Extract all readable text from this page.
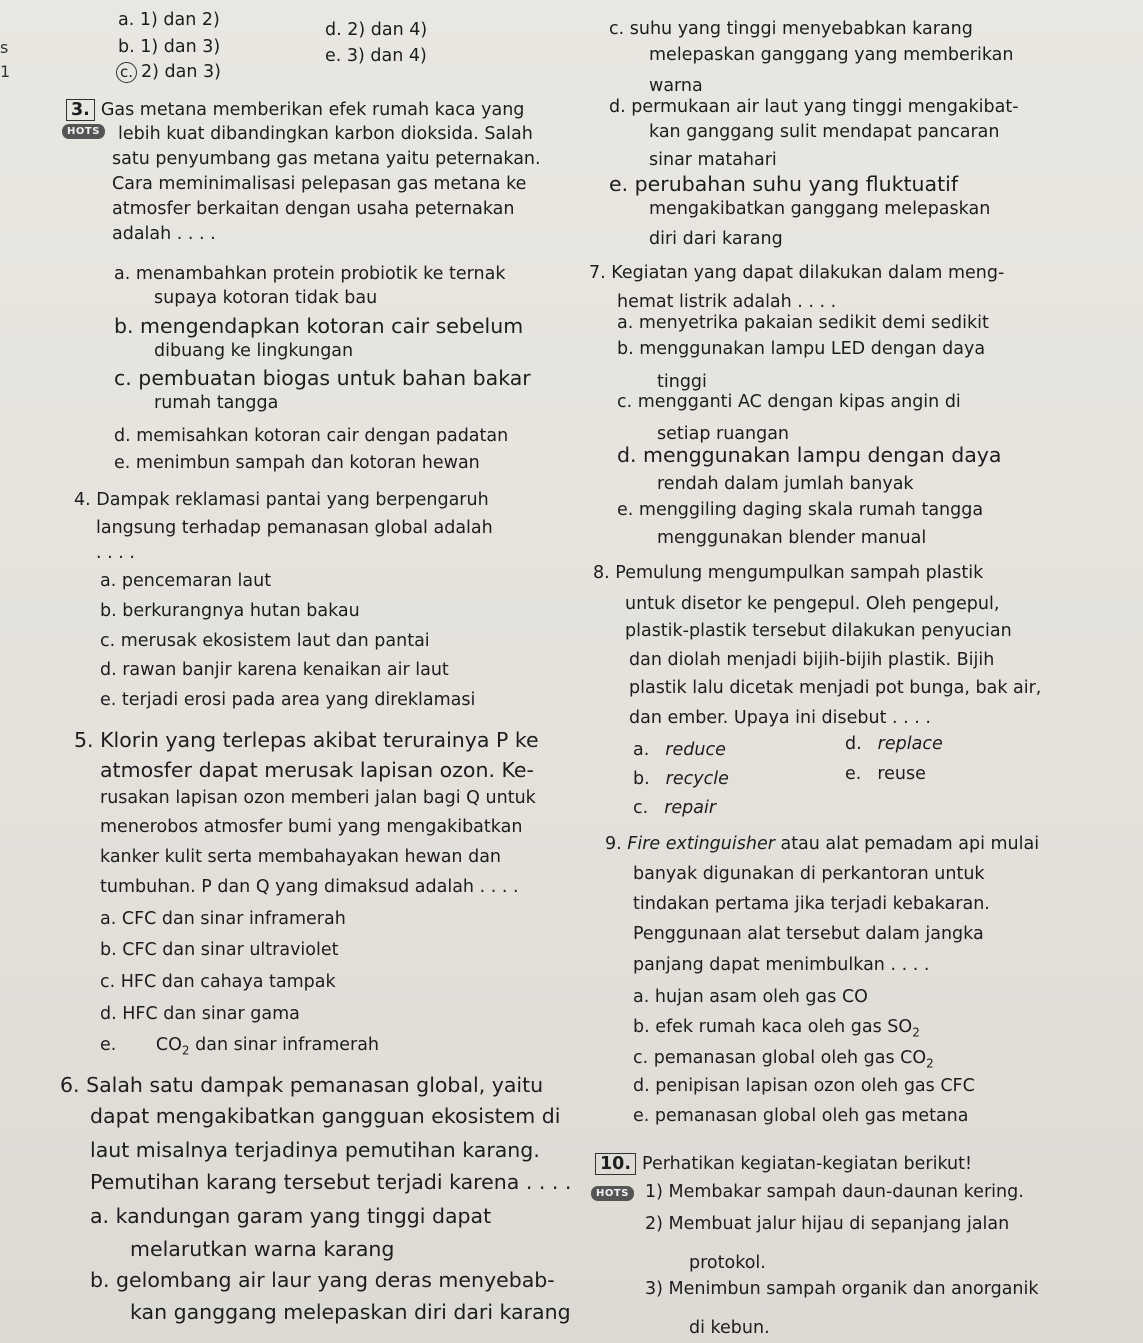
s
1
a. 1) dan 2)
b. 1) dan 3)
c. 2) dan 3)
d. 2) dan 4)
e. 3) dan 4)
3. Gas metana memberikan efek rumah kaca yang
HOTS lebih kuat dibandingkan karbon dioksida. Salah
satu penyumbang gas metana yaitu peternakan.
Cara meminimalisasi pelepasan gas metana ke
atmosfer berkaitan dengan usaha peternakan
adalah . . . .
a. menambahkan protein probiotik ke ternak
supaya kotoran tidak bau
b. mengendapkan kotoran cair sebelum
dibuang ke lingkungan
c. pembuatan biogas untuk bahan bakar
rumah tangga
d. memisahkan kotoran cair dengan padatan
e. menimbun sampah dan kotoran hewan
4. Dampak reklamasi pantai yang berpengaruh
langsung terhadap pemanasan global adalah
. . . .
a. pencemaran laut
b. berkurangnya hutan bakau
c. merusak ekosistem laut dan pantai
d. rawan banjir karena kenaikan air laut
e. terjadi erosi pada area yang direklamasi
5. Klorin yang terlepas akibat terurainya P ke
atmosfer dapat merusak lapisan ozon. Ke-
rusakan lapisan ozon memberi jalan bagi Q untuk
menerobos atmosfer bumi yang mengakibatkan
kanker kulit serta membahayakan hewan dan
tumbuhan. P dan Q yang dimaksud adalah . . . .
a. CFC dan sinar inframerah
b. CFC dan sinar ultraviolet
c. HFC dan cahaya tampak
d. HFC dan sinar gama
e. $CO_2$ dan sinar inframerah
6. Salah satu dampak pemanasan global, yaitu
dapat mengakibatkan gangguan ekosistem di
laut misalnya terjadinya pemutihan karang.
Pemutihan karang tersebut terjadi karena . . . .
a. kandungan garam yang tinggi dapat
melarutkan warna karang
b. gelombang air laur yang deras menyebab-
kan ganggang melepaskan diri dari karang
c. suhu yang tinggi menyebabkan karang
melepaskan ganggang yang memberikan
warna
d. permukaan air laut yang tinggi mengakibat-
kan ganggang sulit mendapat pancaran
sinar matahari
e. perubahan suhu yang fluktuatif
mengakibatkan ganggang melepaskan
diri dari karang
7. Kegiatan yang dapat dilakukan dalam meng-
hemat listrik adalah . . . .
a. menyetrika pakaian sedikit demi sedikit
b. menggunakan lampu LED dengan daya
tinggi
c. mengganti AC dengan kipas angin di
setiap ruangan
d. menggunakan lampu dengan daya
rendah dalam jumlah banyak
e. menggiling daging skala rumah tangga
menggunakan blender manual
8. Pemulung mengumpulkan sampah plastik
untuk disetor ke pengepul. Oleh pengepul,
plastik-plastik tersebut dilakukan penyucian
dan diolah menjadi bijih-bijih plastik. Bijih
plastik lalu dicetak menjadi pot bunga, bak air,
dan ember. Upaya ini disebut . . . .
a. reduce
b. recycle
c. repair
d. replace
e. reuse
9. Fire extinguisher atau alat pemadam api mulai
banyak digunakan di perkantoran untuk
tindakan pertama jika terjadi kebakaran.
Penggunaan alat tersebut dalam jangka
panjang dapat menimbulkan . . . .
a. hujan asam oleh gas CO
b. efek rumah kaca oleh gas $SO_2$
c. pemanasan global oleh gas $CO_2$
d. penipisan lapisan ozon oleh gas CFC
e. pemanasan global oleh gas metana
10. Perhatikan kegiatan-kegiatan berikut!
HOTS 1) Membakar sampah daun-daunan kering.
2) Membuat jalur hijau di sepanjang jalan
protokol.
3) Menimbun sampah organik dan anorganik
di kebun.
